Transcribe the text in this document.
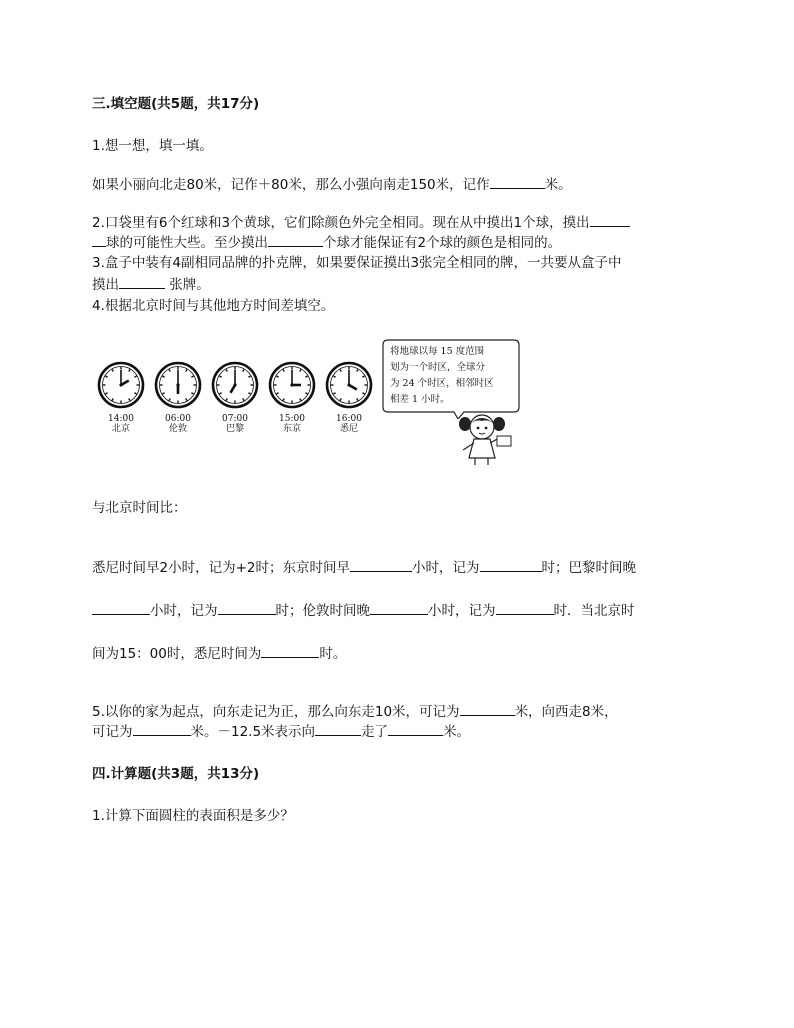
三.填空题(共5题，共17分)
1.想一想，填一填。
如果小丽向北走80米，记作＋80米，那么小强向南走150米，记作	米。
2.口袋里有6个红球和3个黄球，它们除颜色外完全相同。现在从中摸出1个球，摸出
球的可能性大些。至少摸出	个球才能保证有2个球的颜色是相同的。
3.盒子中装有4副相同品牌的扑克牌，如果要保证摸出3张完全相同的牌，一共要从盒子中
摸出	张牌。
4.根据北京时间与其他地方时间差填空。
14:00
北京
06:00
伦敦
07:00
巴黎
15:00
东京
16:00
悉尼
将地球以每 15 度范围
划为一个时区，全球分
为 24 个时区，相邻时区
相差 1 小时。
与北京时间比：
悉尼时间早2小时，记为+2时；东京时间早	小时，记为	时；巴黎时间晚
小时，记为	时；伦敦时间晚	小时，记为	时．当北京时
间为15：00时，悉尼时间为	时。
5.以你的家为起点，向东走记为正，那么向东走10米，可记为	米，向西走8米，
可记为	米。－12.5米表示向	走了	米。
四.计算题(共3题，共13分)
1.计算下面圆柱的表面积是多少？
